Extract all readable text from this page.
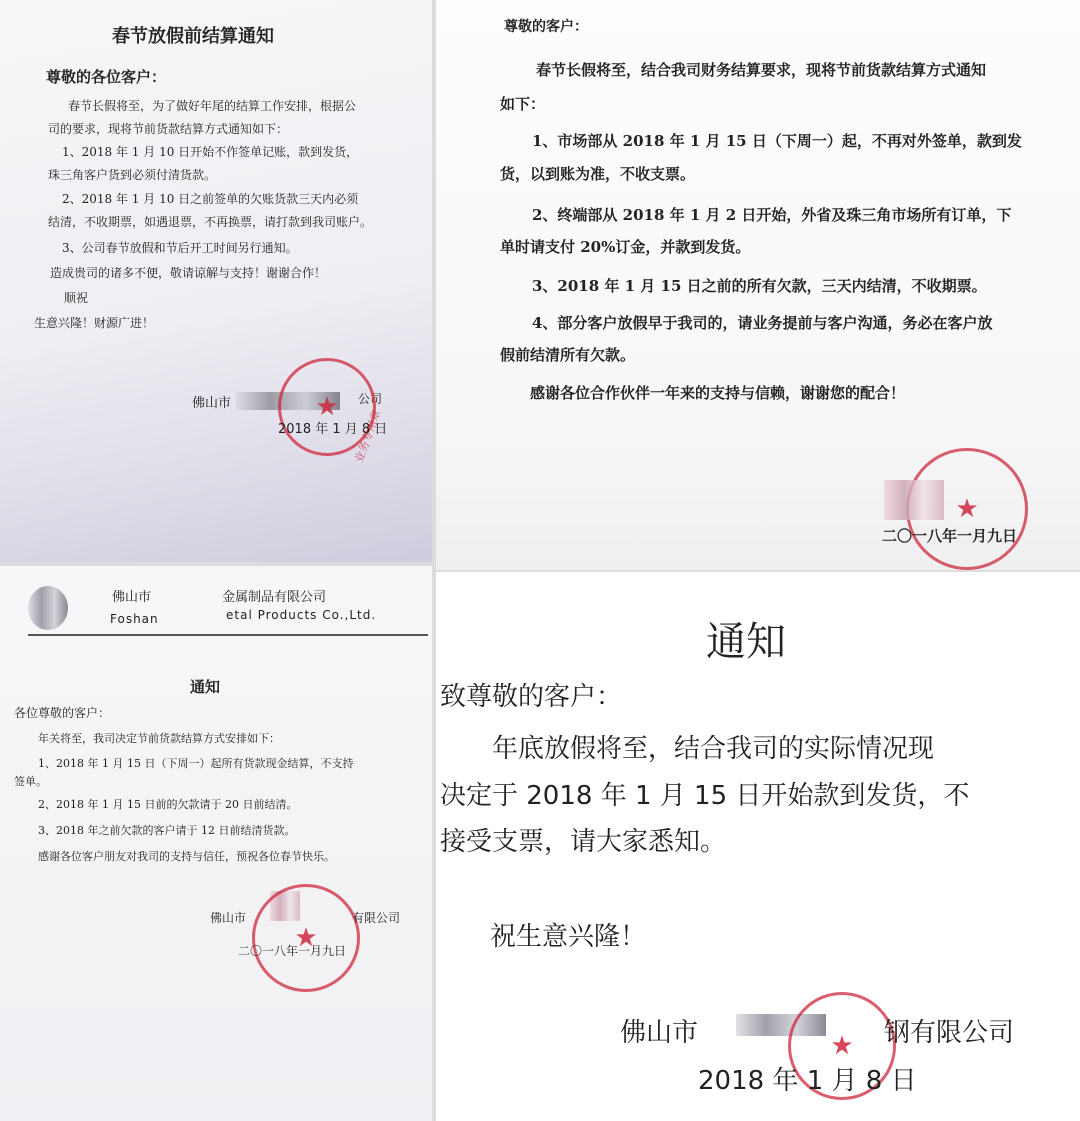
春节放假前结算通知
尊敬的各位客户：
春节长假将至，为了做好年尾的结算工作安排，根据公
司的要求，现将节前货款结算方式通知如下：
1、2018 年 1 月 10 日开始不作签单记账，款到发货，
珠三角客户货到必须付清货款。
2、2018 年 1 月 10 日之前签单的欠账货款三天内必须
结清，不收期票，如遇退票，不再换票，请打款到我司账户。
3、公司春节放假和节后开工时间另行通知。
造成贵司的诸多不便，敬请谅解与支持！谢谢合作！
顺祝
生意兴隆！财源广进！
佛山市	公司
★
业务专用章
2018 年 1 月 8 日
尊敬的客户：
春节长假将至，结合我司财务结算要求，现将节前货款结算方式通知
如下：
1、市场部从 2018 年 1 月 15 日（下周一）起，不再对外签单，款到发
货，以到账为准，不收支票。
2、终端部从 2018 年 1 月 2 日开始，外省及珠三角市场所有订单，下
单时请支付 20%订金，并款到发货。
3、2018 年 1 月 15 日之前的所有欠款，三天内结清，不收期票。
4、部分客户放假早于我司的，请业务提前与客户沟通，务必在客户放
假前结清所有欠款。
感谢各位合作伙伴一年来的支持与信赖，谢谢您的配合！
★
二〇一八年一月九日
佛山市	金属制品有限公司
Foshan	etal Products Co.,Ltd.
通知
各位尊敬的客户：
年关将至，我司决定节前货款结算方式安排如下：
1、2018 年 1 月 15 日（下周一）起所有货款现金结算，不支持
签单。
2、2018 年 1 月 15 日前的欠款请于 20 日前结清。
3、2018 年之前欠款的客户请于 12 日前结清货款。
感谢各位客户朋友对我司的支持与信任，预祝各位春节快乐。
佛山市 ★	有限公司
二〇一八年一月九日
通知
致尊敬的客户：
年底放假将至，结合我司的实际情况现
决定于 2018 年 1 月 15 日开始款到发货，不
接受支票，请大家悉知。
祝生意兴隆！
佛山市 ★	钢有限公司
2018 年 1 月 8 日
